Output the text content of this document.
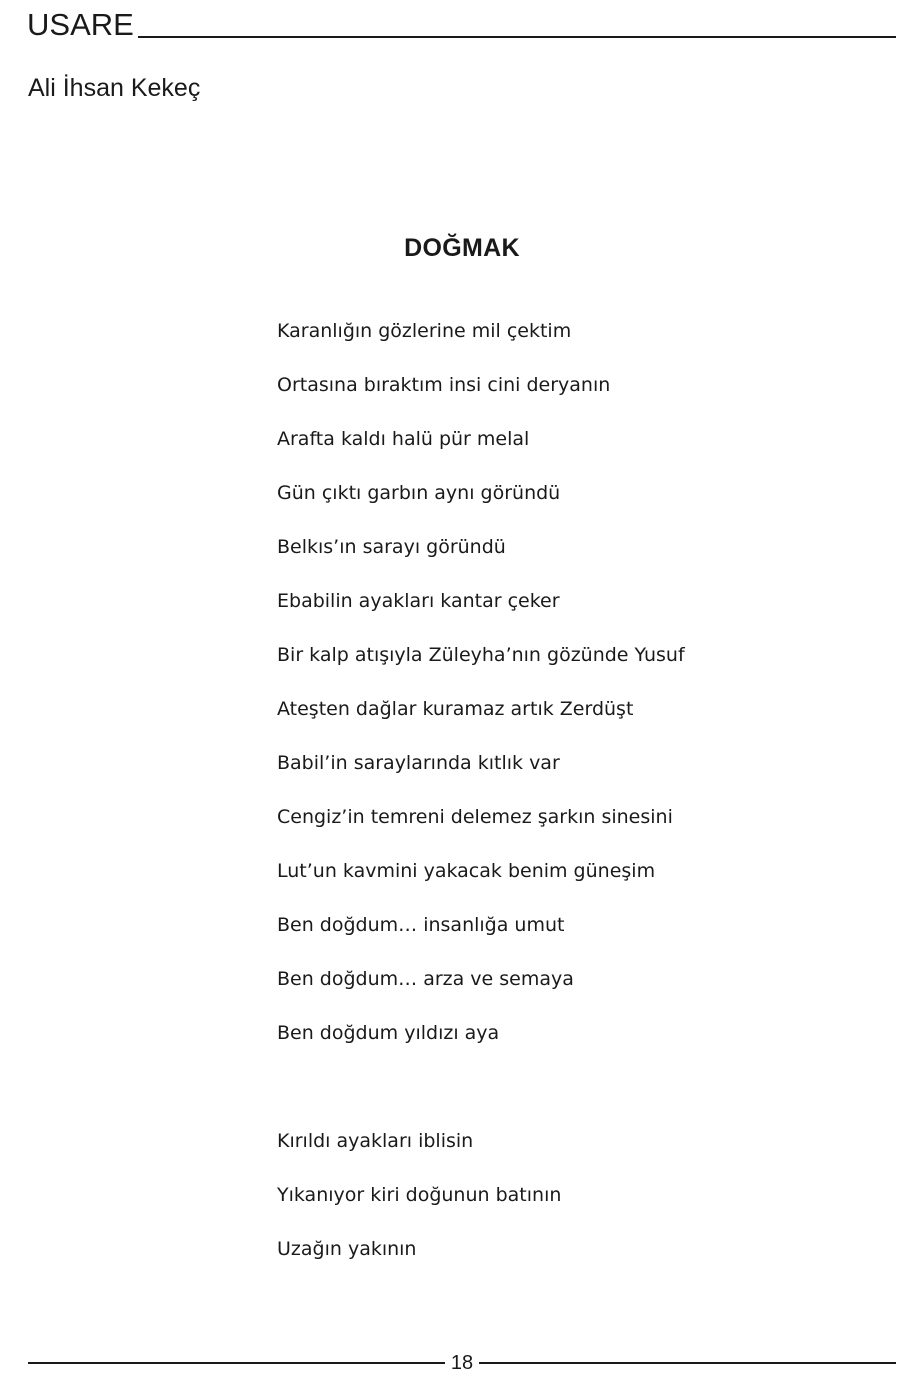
USARE
Ali İhsan Kekeç
DOĞMAK
Karanlığın gözlerine mil çektim
Ortasına bıraktım insi cini deryanın
Arafta kaldı halü pür melal
Gün çıktı garbın aynı göründü
Belkıs’ın sarayı göründü
Ebabilin ayakları kantar çeker
Bir kalp atışıyla Züleyha’nın gözünde Yusuf
Ateşten dağlar kuramaz artık Zerdüşt
Babil’in saraylarında kıtlık var
Cengiz’in temreni delemez şarkın sinesini
Lut’un kavmini yakacak benim güneşim
Ben doğdum… insanlığa umut
Ben doğdum… arza ve semaya
Ben doğdum yıldızı aya
Kırıldı ayakları iblisin
Yıkanıyor kiri doğunun batının
Uzağın yakının
18
